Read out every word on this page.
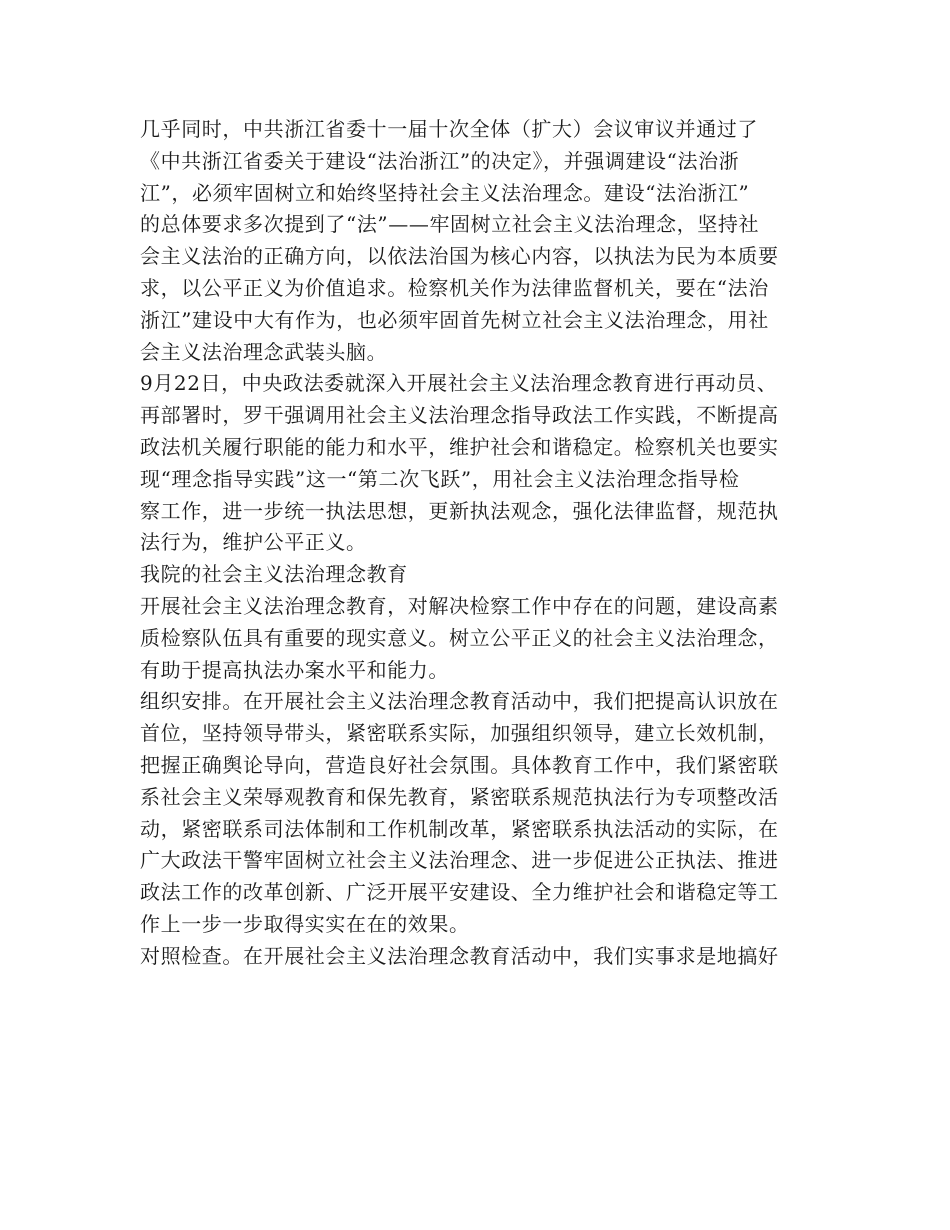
几乎同时，中共浙江省委十一届十次全体（扩大）会议审议并通过了
《中共浙江省委关于建设“法治浙江”的决定》，并强调建设“法治浙
江”，必须牢固树立和始终坚持社会主义法治理念。建设“法治浙江”
的总体要求多次提到了“法”——牢固树立社会主义法治理念，坚持社
会主义法治的正确方向，以依法治国为核心内容，以执法为民为本质要
求，以公平正义为价值追求。检察机关作为法律监督机关，要在“法治
浙江”建设中大有作为，也必须牢固首先树立社会主义法治理念，用社
会主义法治理念武装头脑。
9月22日，中央政法委就深入开展社会主义法治理念教育进行再动员、
再部署时，罗干强调用社会主义法治理念指导政法工作实践，不断提高
政法机关履行职能的能力和水平，维护社会和谐稳定。检察机关也要实
现“理念指导实践”这一“第二次飞跃”，用社会主义法治理念指导检
察工作，进一步统一执法思想，更新执法观念，强化法律监督，规范执
法行为，维护公平正义。
我院的社会主义法治理念教育
开展社会主义法治理念教育，对解决检察工作中存在的问题，建设高素
质检察队伍具有重要的现实意义。树立公平正义的社会主义法治理念，
有助于提高执法办案水平和能力。
组织安排。在开展社会主义法治理念教育活动中，我们把提高认识放在
首位，坚持领导带头，紧密联系实际，加强组织领导，建立长效机制，
把握正确舆论导向，营造良好社会氛围。具体教育工作中，我们紧密联
系社会主义荣辱观教育和保先教育，紧密联系规范执法行为专项整改活
动，紧密联系司法体制和工作机制改革，紧密联系执法活动的实际，在
广大政法干警牢固树立社会主义法治理念、进一步促进公正执法、推进
政法工作的改革创新、广泛开展平安建设、全力维护社会和谐稳定等工
作上一步一步取得实实在在的效果。
对照检查。在开展社会主义法治理念教育活动中，我们实事求是地搞好
